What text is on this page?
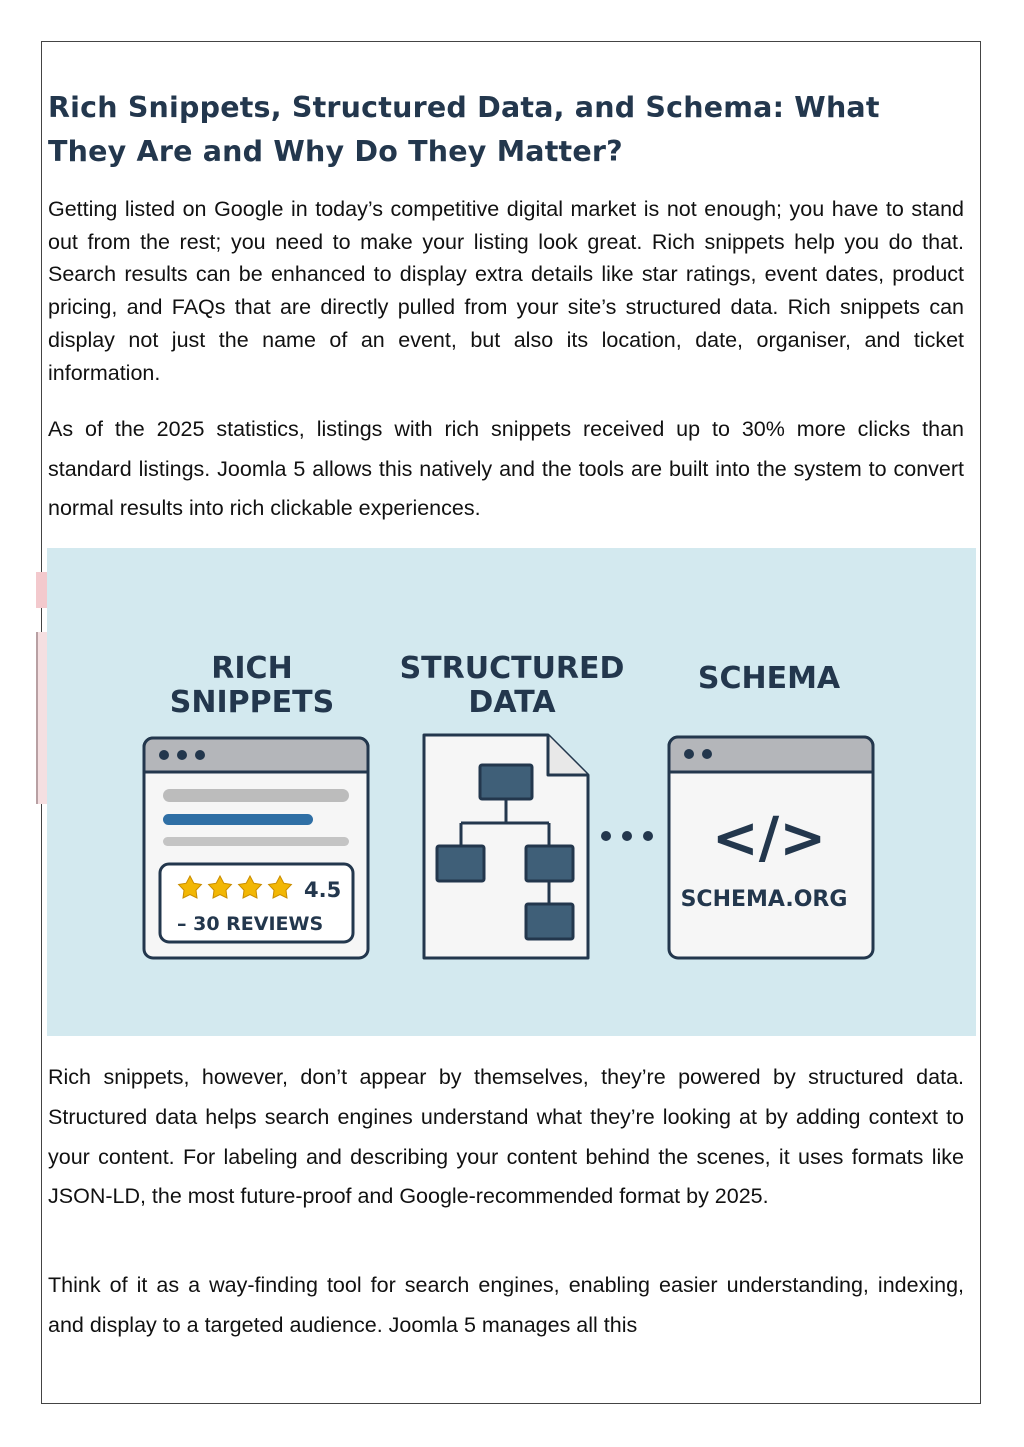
Rich Snippets, Structured Data, and Schema: What They Are and Why Do They Matter?

Getting listed on Google in today’s competitive digital market is not enough; you have to stand out from the rest; you need to make your listing look great. Rich snippets help you do that. Search results can be enhanced to display extra details like star ratings, event dates, product pricing, and FAQs that are directly pulled from your site’s structured data. Rich snippets can display not just the name of an event, but also its location, date, organiser, and ticket information.

As of the 2025 statistics, listings with rich snippets received up to 30% more clicks than standard listings. Joomla 5 allows this natively and the tools are built into the system to convert normal results into rich clickable experiences.

RICH
SNIPPETS
4.5
– 30 REVIEWS
STRUCTURED
DATA
SCHEMA
</>
SCHEMA.ORG

Rich snippets, however, don’t appear by themselves, they’re powered by structured data. Structured data helps search engines understand what they’re looking at by adding context to your content. For labeling and describing your content behind the scenes, it uses formats like JSON-LD, the most future-proof and Google-recommended format by 2025.

Think of it as a way-finding tool for search engines, enabling easier understanding, indexing, and display to a targeted audience. Joomla 5 manages all this
